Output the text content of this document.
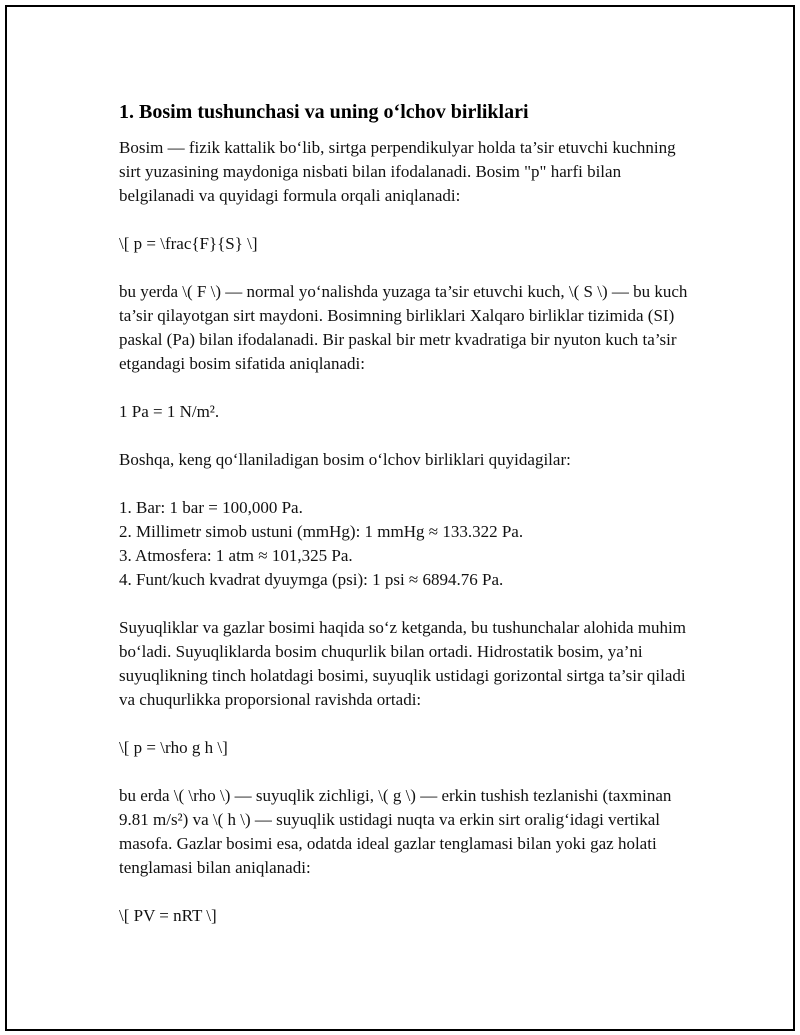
1. Bosim tushunchasi va uning o‘lchov birliklari

Bosim — fizik kattalik bo‘lib, sirtga perpendikulyar holda ta’sir etuvchi kuchning sirt yuzasining maydoniga nisbati bilan ifodalanadi. Bosim "p" harfi bilan belgilanadi va quyidagi formula orqali aniqlanadi:

\[ p = \frac{F}{S} \]

bu yerda \( F \) — normal yo‘nalishda yuzaga ta’sir etuvchi kuch, \( S \) — bu kuch ta’sir qilayotgan sirt maydoni. Bosimning birliklari Xalqaro birliklar tizimida (SI) paskal (Pa) bilan ifodalanadi. Bir paskal bir metr kvadratiga bir nyuton kuch ta’sir etgandagi bosim sifatida aniqlanadi:

1 Pa = 1 N/m².

Boshqa, keng qo‘llaniladigan bosim o‘lchov birliklari quyidagilar:

1. Bar: 1 bar = 100,000 Pa.
2. Millimetr simob ustuni (mmHg): 1 mmHg ≈ 133.322 Pa.
3. Atmosfera: 1 atm ≈ 101,325 Pa.
4. Funt/kuch kvadrat dyuymga (psi): 1 psi ≈ 6894.76 Pa.

Suyuqliklar va gazlar bosimi haqida so‘z ketganda, bu tushunchalar alohida muhim bo‘ladi. Suyuqliklarda bosim chuqurlik bilan ortadi. Hidrostatik bosim, ya’ni suyuqlikning tinch holatdagi bosimi, suyuqlik ustidagi gorizontal sirtga ta’sir qiladi va chuqurlikka proporsional ravishda ortadi:

\[ p = \rho g h \]

bu erda \( \rho \) — suyuqlik zichligi, \( g \) — erkin tushish tezlanishi (taxminan 9.81 m/s²) va \( h \) — suyuqlik ustidagi nuqta va erkin sirt oralig‘idagi vertikal masofa. Gazlar bosimi esa, odatda ideal gazlar tenglamasi bilan yoki gaz holati tenglamasi bilan aniqlanadi:

\[ PV = nRT \]
